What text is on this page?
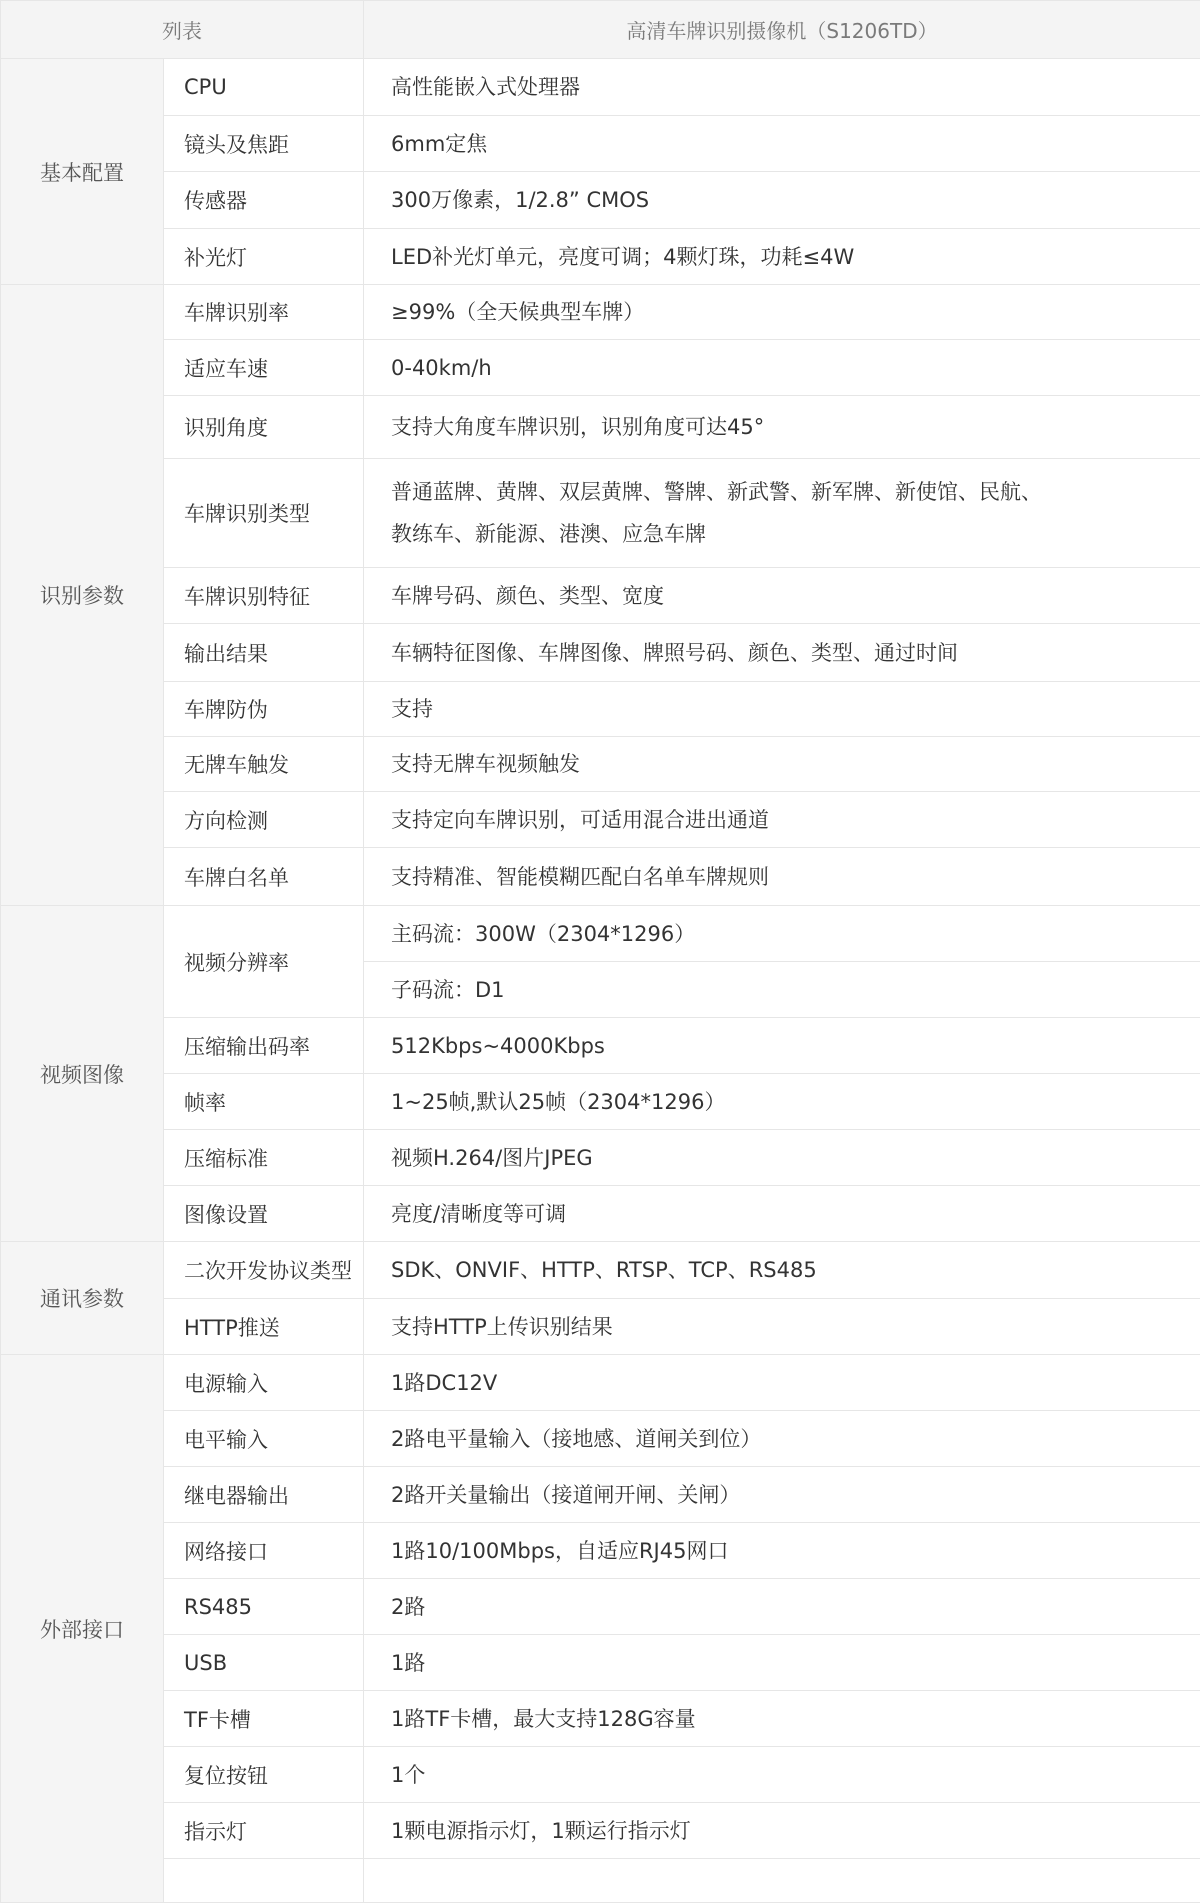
列表		高清车牌识别摄像机（S1206TD）
基本配置	CPU	高性能嵌入式处理器
	镜头及焦距	6mm定焦
	传感器	300万像素，1/2.8” CMOS
	补光灯	LED补光灯单元，亮度可调；4颗灯珠，功耗≤4W
识别参数	车牌识别率	≥99%（全天候典型车牌）
	适应车速	0-40km/h
	识别角度	支持大角度车牌识别，识别角度可达45°
	车牌识别类型	普通蓝牌、黄牌、双层黄牌、警牌、新武警、新军牌、新使馆、民航、
教练车、新能源、港澳、应急车牌

	车牌识别特征	车牌号码、颜色、类型、宽度
	输出结果	车辆特征图像、车牌图像、牌照号码、颜色、类型、通过时间
	车牌防伪	支持
	无牌车触发	支持无牌车视频触发
	方向检测	支持定向车牌识别，可适用混合进出通道
	车牌白名单	支持精准、智能模糊匹配白名单车牌规则
视频图像	视频分辨率	主码流：300W（2304*1296）
		子码流：D1
	压缩输出码率	512Kbps~4000Kbps
	帧率	1~25帧,默认25帧（2304*1296）
	压缩标准	视频H.264/图片JPEG
	图像设置	亮度/清晰度等可调
通讯参数	二次开发协议类型	SDK、ONVIF、HTTP、RTSP、TCP、RS485
	HTTP推送	支持HTTP上传识别结果
外部接口	电源输入	1路DC12V
	电平输入	2路电平量输入（接地感、道闸关到位）
	继电器输出	2路开关量输出（接道闸开闸、关闸）
	网络接口	1路10/100Mbps，自适应RJ45网口
	RS485	2路
	USB	1路
	TF卡槽	1路TF卡槽，最大支持128G容量
	复位按钮	1个
	指示灯	1颗电源指示灯，1颗运行指示灯
